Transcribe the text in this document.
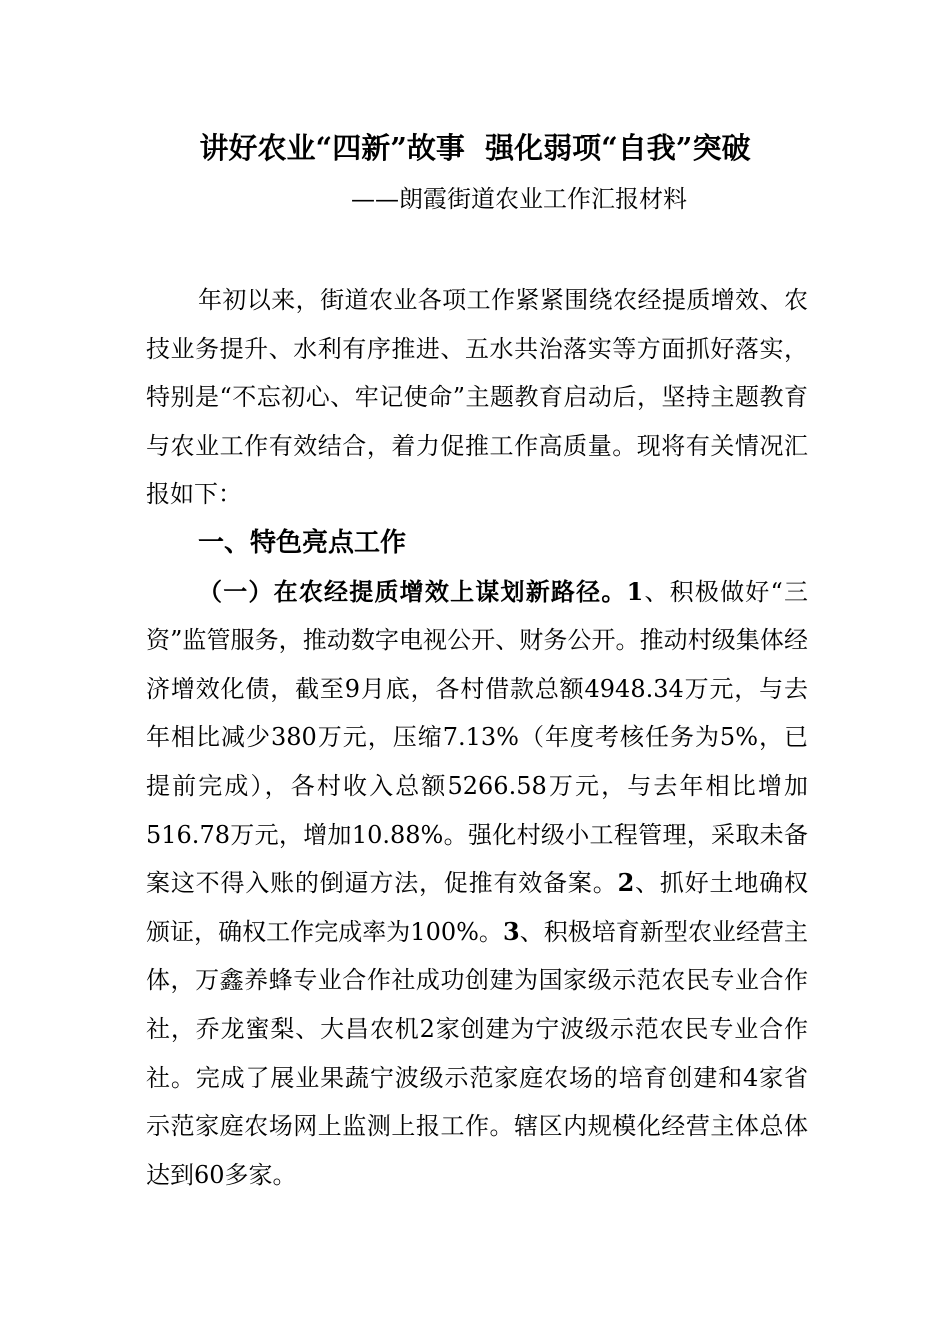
讲好农业“四新”故事  强化弱项“自我”突破
——朗霞街道农业工作汇报材料

年初以来，街道农业各项工作紧紧围绕农经提质增效、农技业务提升、水利有序推进、五水共治落实等方面抓好落实，特别是“不忘初心、牢记使命”主题教育启动后，坚持主题教育与农业工作有效结合，着力促推工作高质量。现将有关情况汇报如下：

一、特色亮点工作

（一）在农经提质增效上谋划新路径。1、积极做好“三资”监管服务，推动数字电视公开、财务公开。推动村级集体经济增效化债，截至9月底，各村借款总额4948.34万元，与去年相比减少380万元，压缩7.13%（年度考核任务为5%，已提前完成），各村收入总额5266.58万元，与去年相比增加516.78万元，增加10.88%。强化村级小工程管理，采取未备案这不得入账的倒逼方法，促推有效备案。2、抓好土地确权颁证，确权工作完成率为100%。3、积极培育新型农业经营主体，万鑫养蜂专业合作社成功创建为国家级示范农民专业合作社，乔龙蜜梨、大昌农机2家创建为宁波级示范农民专业合作社。完成了展业果蔬宁波级示范家庭农场的培育创建和4家省示范家庭农场网上监测上报工作。辖区内规模化经营主体总体达到60多家。
